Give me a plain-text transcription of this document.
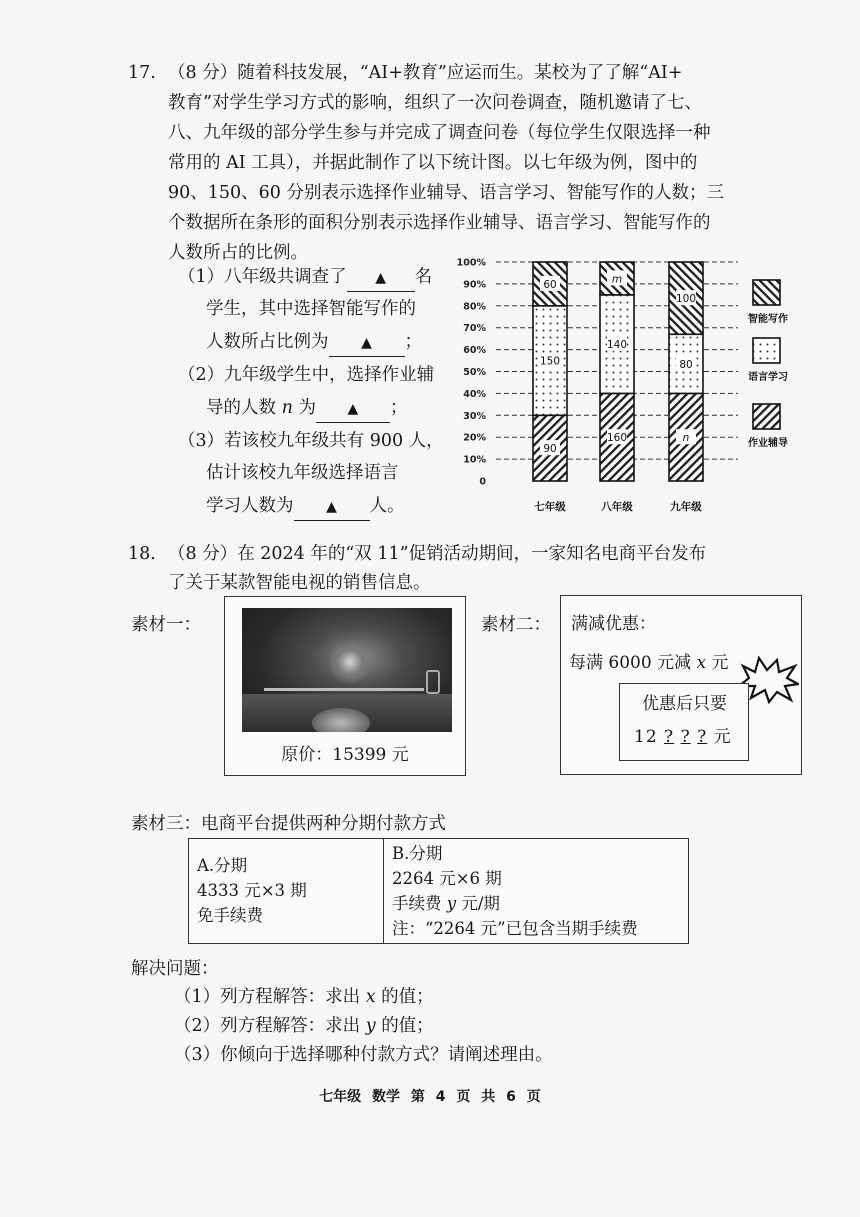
17. （8 分）随着科技发展，“AI+教育”应运而生。某校为了了解“AI+
教育”对学生学习方式的影响，组织了一次问卷调查，随机邀请了七、
八、九年级的部分学生参与并完成了调查问卷（每位学生仅限选择一种
常用的 AI 工具），并据此制作了以下统计图。以七年级为例，图中的
90、150、60 分别表示选择作业辅导、语言学习、智能写作的人数；三
个数据所在条形的面积分别表示选择作业辅导、语言学习、智能写作的
人数所占的比例。
（1）八年级共调查了 ▲ 名
学生，其中选择智能写作的
人数所占比例为 ▲ ；
（2）九年级学生中，选择作业辅
导的人数 n 为 ▲ ；
（3）若该校九年级共有 900 人，
估计该校九年级选择语言
学习人数为 ▲ 人。
0
10%
20%
30%
40%
50%
60%
70%
80%
90%
100%
90
150
60
七年级
160
140
m
八年级
n
80
100
九年级
智能写作
语言学习
作业辅导
18. （8 分）在 2024 年的“双 11”促销活动期间，一家知名电商平台发布
了关于某款智能电视的销售信息。
素材一：
原价：15399 元
素材二： 满减优惠：
每满 6000 元减 x 元
优惠后只要
12 ? ? ? 元
素材三：电商平台提供两种分期付款方式
A.分期
4333 元×3 期
免手续费

B.分期
2264 元×6 期
手续费 y 元/期
注：“2264 元”已包含当期手续费
解决问题：
（1）列方程解答：求出 x 的值；
（2）列方程解答：求出 y 的值；
（3）你倾向于选择哪种付款方式？请阐述理由。
七年级 数学 第 4 页 共 6 页
